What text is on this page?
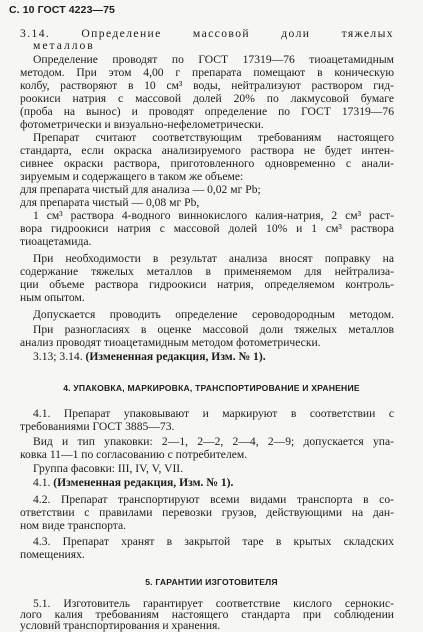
С. 10 ГОСТ 4223—75
3.14. Определение массовой доли тяжелых
металлов
Определение проводят по ГОСТ 17319—76 тиоацетамидным
методом. При этом 4,00 г препарата помещают в коническую
колбу, растворяют в 10 см³ воды, нейтрализуют раствором гид-
роокиси натрия с массовой долей 20% по лакмусовой бумаге
(проба на вынос) и проводят определение по ГОСТ 17319—76
фотометрически и визуально-нефелометрически.
Препарат считают соответствующим требованиям настоящего
стандарта, если окраска анализируемого раствора не будет интен-
сивнее окраски раствора, приготовленного одновременно с анали-
зируемым и содержащего в таком же объеме:
для препарата чистый для анализа — 0,02 мг Pb;
для препарата чистый — 0,08 мг Pb,
1 см³ раствора 4-водного виннокислого калия-натрия, 2 см³ раст-
вора гидроокиси натрия с массовой долей 10% и 1 см³ раствора
тиоацетамида.
При необходимости в результат анализа вносят поправку на
содержание тяжелых металлов в применяемом для нейтрализа-
ции объеме раствора гидроокиси натрия, определяемом контроль-
ным опытом.
Допускается проводить определение сероводородным методом.
При разногласиях в оценке массовой доли тяжелых металлов
анализ проводят тиоацетамидным методом фотометрически.
3.13; 3.14. (Измененная редакция, Изм. № 1).
4. УПАКОВКА, МАРКИРОВКА, ТРАНСПОРТИРОВАНИЕ И ХРАНЕНИЕ
4.1. Препарат упаковывают и маркируют в соответствии с
требованиями ГОСТ 3885—73.
Вид и тип упаковки: 2—1, 2—2, 2—4, 2—9; допускается упа-
ковка 11—1 по согласованию с потребителем.
Группа фасовки: III, IV, V, VII.
4.1. (Измененная редакция, Изм. № 1).
4.2. Препарат транспортируют всеми видами транспорта в со-
ответствии с правилами перевозки грузов, действующими на дан-
ном виде транспорта.
4.3. Препарат хранят в закрытой таре в крытых складских
помещениях.
5. ГАРАНТИИ ИЗГОТОВИТЕЛЯ
5.1. Изготовитель гарантирует соответствие кислого сернокис-
лого калия требованиям настоящего стандарта при соблюдении
условий транспортирования и хранения.
